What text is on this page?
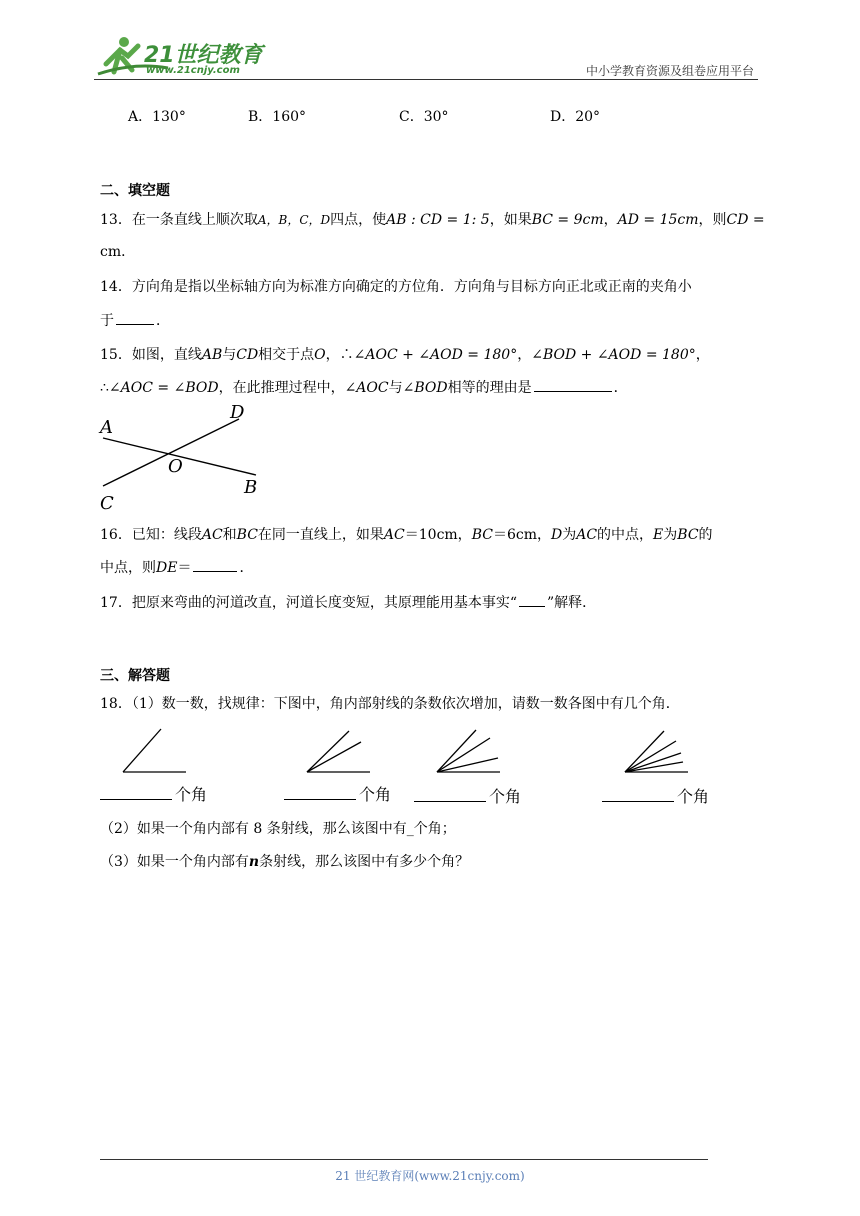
21世纪教育
www.21cnjy.com	中小学教育资源及组卷应用平台
A．130°	B．160°	C．30°	D．20°
二、填空题
13．在一条直线上顺次取A，B，C，D四点，使AB : CD = 1: 5，如果BC = 9cm，AD = 15cm，则CD =
cm．
14．方向角是指以坐标轴方向为标准方向确定的方位角．方向角与目标方向正北或正南的夹角小
于	．
15．如图，直线AB与CD相交于点O，∴∠AOC + ∠AOD = 180°，∠BOD + ∠AOD = 180°，
∴∠AOC = ∠BOD，在此推理过程中，∠AOC与∠BOD相等的理由是	．
A
B
C
D
O
16．已知：线段AC和BC在同一直线上，如果AC＝10cm，BC＝6cm，D为AC的中点，E为BC的
中点，则DE＝	．
17．把原来弯曲的河道改直，河道长度变短，其原理能用基本事实“ ”解释．
三、解答题
18．（1）数一数，找规律：下图中，角内部射线的条数依次增加，请数一数各图中有几个角．
个角	个角	个角	个角
（2）如果一个角内部有 8 条射线，那么该图中有_个角；
（3）如果一个角内部有n条射线，那么该图中有多少个角？
21 世纪教育网(www.21cnjy.com)
